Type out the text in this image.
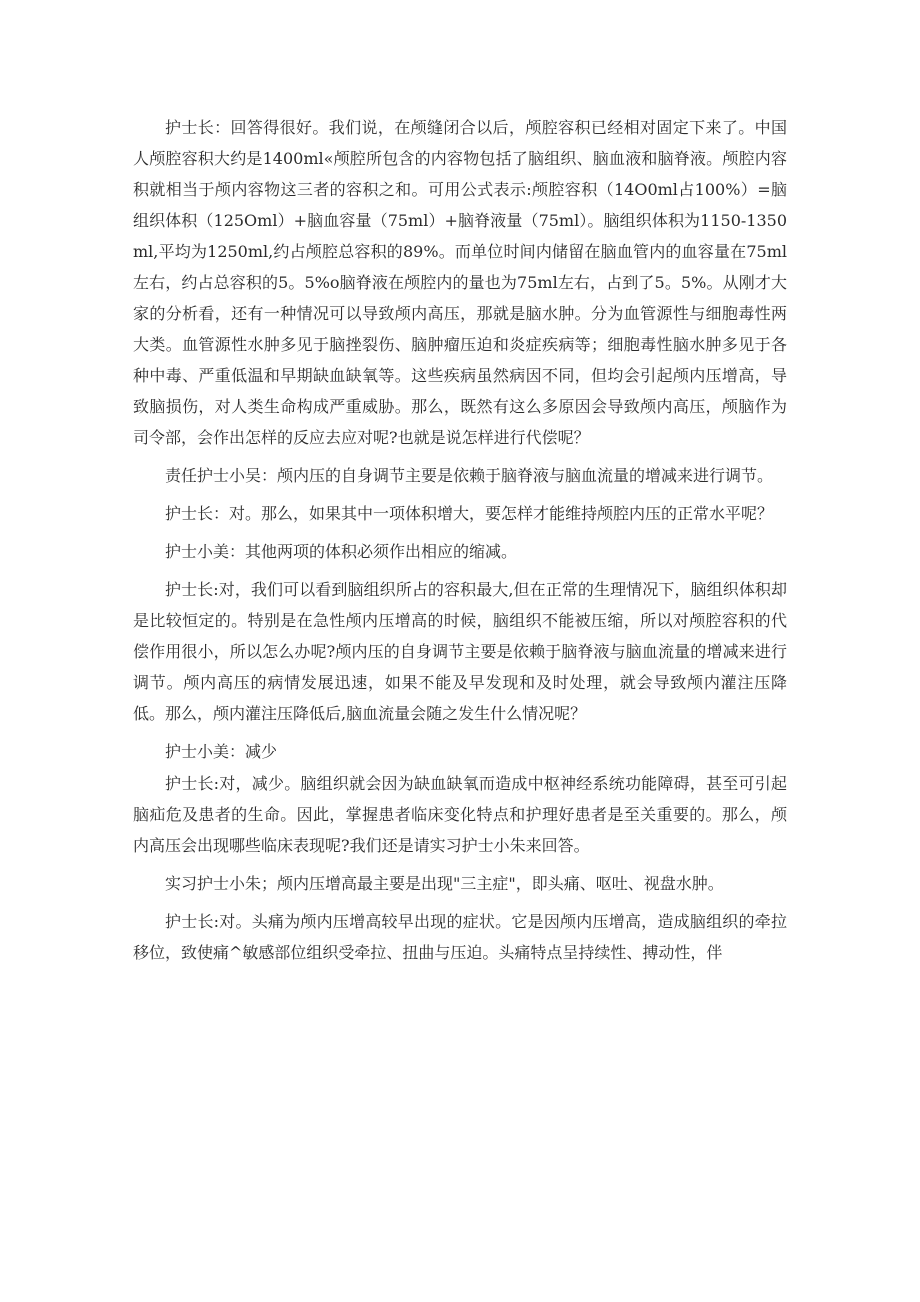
护士长：回答得很好。我们说，在颅缝闭合以后，颅腔容积已经相对固定下来了。中国人颅腔容积大约是1400ml«颅腔所包含的内容物包括了脑组织、脑血液和脑脊液。颅腔内容积就相当于颅内容物这三者的容积之和。可用公式表示:颅腔容积（14O0ml占100%）=脑组织体积（125Oml）+脑血容量（75ml）+脑脊液量（75ml）。脑组织体积为1150-1350ml,平均为1250ml,约占颅腔总容积的89%。而单位时间内储留在脑血管内的血容量在75ml左右，约占总容积的5。5%o脑脊液在颅腔内的量也为75ml左右，占到了5。5%。从刚才大家的分析看，还有一种情况可以导致颅内高压，那就是脑水肿。分为血管源性与细胞毒性两大类。血管源性水肿多见于脑挫裂伤、脑肿瘤压迫和炎症疾病等；细胞毒性脑水肿多见于各种中毒、严重低温和早期缺血缺氧等。这些疾病虽然病因不同，但均会引起颅内压增高，导致脑损伤，对人类生命构成严重威胁。那么，既然有这么多原因会导致颅内高压，颅脑作为司令部，会作出怎样的反应去应对呢?也就是说怎样进行代偿呢？

责任护士小吴：颅内压的自身调节主要是依赖于脑脊液与脑血流量的增减来进行调节。

护士长：对。那么，如果其中一项体积增大，要怎样才能维持颅腔内压的正常水平呢？

护士小美：其他两项的体积必须作出相应的缩减。

护士长:对，我们可以看到脑组织所占的容积最大,但在正常的生理情况下，脑组织体积却是比较恒定的。特别是在急性颅内压增高的时候，脑组织不能被压缩，所以对颅腔容积的代偿作用很小，所以怎么办呢?颅内压的自身调节主要是依赖于脑脊液与脑血流量的增减来进行调节。颅内高压的病情发展迅速，如果不能及早发现和及时处理，就会导致颅内灌注压降低。那么，颅内灌注压降低后,脑血流量会随之发生什么情况呢？

护士小美：减少

护士长:对，减少。脑组织就会因为缺血缺氧而造成中枢神经系统功能障碍，甚至可引起脑疝危及患者的生命。因此，掌握患者临床变化特点和护理好患者是至关重要的。那么，颅内高压会出现哪些临床表现呢?我们还是请实习护士小朱来回答。

实习护士小朱；颅内压增高最主要是出现"三主症"，即头痛、呕吐、视盘水肿。

护士长:对。头痛为颅内压增高较早出现的症状。它是因颅内压增高，造成脑组织的牵拉移位，致使痛^敏感部位组织受牵拉、扭曲与压迫。头痛特点呈持续性、搏动性，伴
